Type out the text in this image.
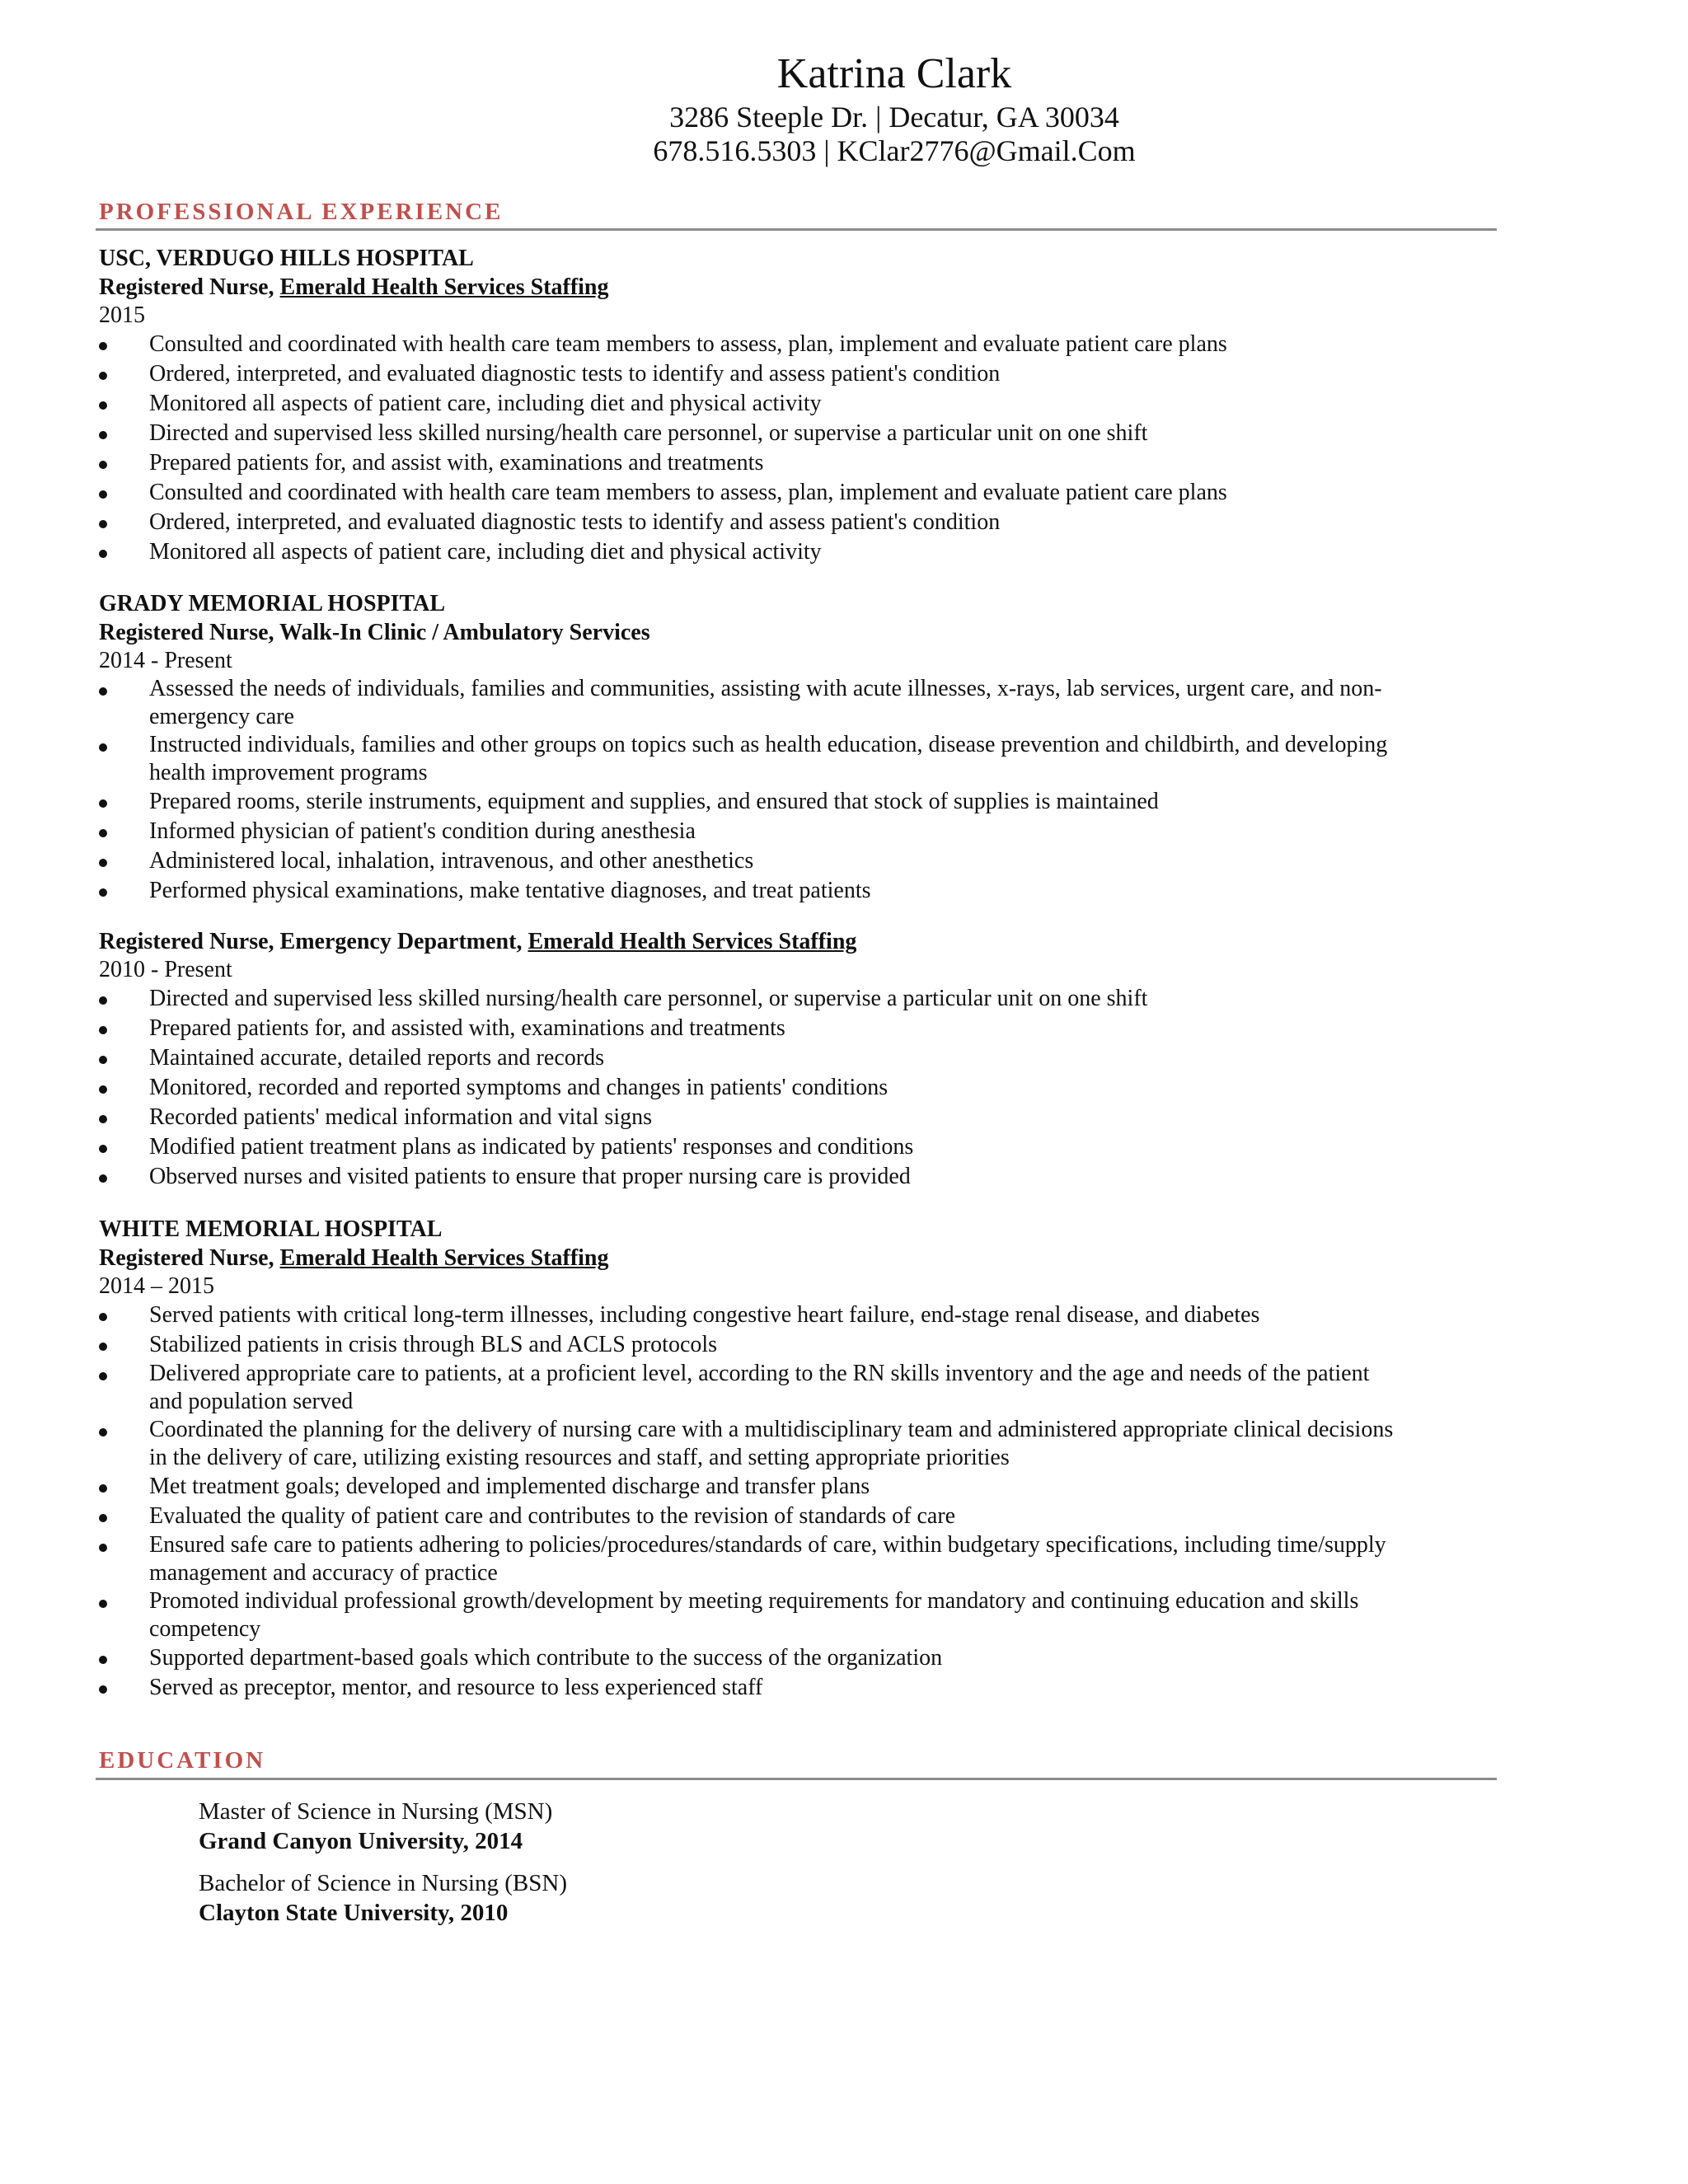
Katrina Clark
3286 Steeple Dr. | Decatur, GA 30034
678.516.5303 | KClar2776@Gmail.Com
PROFESSIONAL EXPERIENCE
USC, VERDUGO HILLS HOSPITAL
Registered Nurse, Emerald Health Services Staffing
2015
Consulted and coordinated with health care team members to assess, plan, implement and evaluate patient care plans
Ordered, interpreted, and evaluated diagnostic tests to identify and assess patient's condition
Monitored all aspects of patient care, including diet and physical activity
Directed and supervised less skilled nursing/health care personnel, or supervise a particular unit on one shift
Prepared patients for, and assist with, examinations and treatments
Consulted and coordinated with health care team members to assess, plan, implement and evaluate patient care plans
Ordered, interpreted, and evaluated diagnostic tests to identify and assess patient's condition
Monitored all aspects of patient care, including diet and physical activity
GRADY MEMORIAL HOSPITAL
Registered Nurse, Walk-In Clinic / Ambulatory Services
2014 - Present
Assessed the needs of individuals, families and communities, assisting with acute illnesses, x-rays, lab services, urgent care, and non-
emergency care
Instructed individuals, families and other groups on topics such as health education, disease prevention and childbirth, and developing
health improvement programs
Prepared rooms, sterile instruments, equipment and supplies, and ensured that stock of supplies is maintained
Informed physician of patient's condition during anesthesia
Administered local, inhalation, intravenous, and other anesthetics
Performed physical examinations, make tentative diagnoses, and treat patients
Registered Nurse, Emergency Department, Emerald Health Services Staffing
2010 - Present
Directed and supervised less skilled nursing/health care personnel, or supervise a particular unit on one shift
Prepared patients for, and assisted with, examinations and treatments
Maintained accurate, detailed reports and records
Monitored, recorded and reported symptoms and changes in patients' conditions
Recorded patients' medical information and vital signs
Modified patient treatment plans as indicated by patients' responses and conditions
Observed nurses and visited patients to ensure that proper nursing care is provided
WHITE MEMORIAL HOSPITAL
Registered Nurse, Emerald Health Services Staffing
2014 – 2015
Served patients with critical long-term illnesses, including congestive heart failure, end-stage renal disease, and diabetes
Stabilized patients in crisis through BLS and ACLS protocols
Delivered appropriate care to patients, at a proficient level, according to the RN skills inventory and the age and needs of the patient
and population served
Coordinated the planning for the delivery of nursing care with a multidisciplinary team and administered appropriate clinical decisions
in the delivery of care, utilizing existing resources and staff, and setting appropriate priorities
Met treatment goals; developed and implemented discharge and transfer plans
Evaluated the quality of patient care and contributes to the revision of standards of care
Ensured safe care to patients adhering to policies/procedures/standards of care, within budgetary specifications, including time/supply
management and accuracy of practice
Promoted individual professional growth/development by meeting requirements for mandatory and continuing education and skills
competency
Supported department-based goals which contribute to the success of the organization
Served as preceptor, mentor, and resource to less experienced staff
EDUCATION
Master of Science in Nursing (MSN)
Grand Canyon University, 2014
Bachelor of Science in Nursing (BSN)
Clayton State University, 2010
